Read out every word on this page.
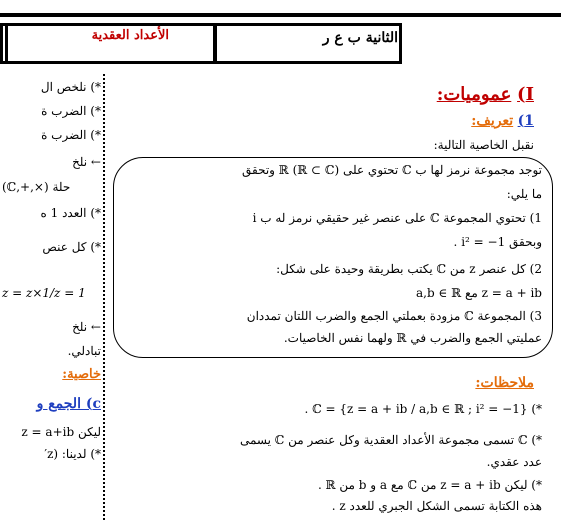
الثانية ب ع ر
الأعداد العقدية
*) نلخص ال
*) الضرب ة
*) الضرب ة
← نلخ
(ℂ,+,×) حلة
*) العدد 1 ه
*) كل عنص
z = z×1/z = 1
← نلخ
تبادلي.
خاصية:
c) الجمع و
ليكن z = a+ib
*) لدينا: (z′
I) عموميات:
1) تعريف:
نقبل الخاصية التالية:
توجد مجموعة نرمز لها ب ℂ تحتوي على ℝ (ℝ ⊂ ℂ) وتحقق
ما يلي:
1) تحتوي المجموعة ℂ على عنصر غير حقيقي نرمز له ب i
وبحقق i² = −1 .
2) كل عنصر z من ℂ يكتب بطريقة وحيدة على شكل:
z = a + ib مع a,b ∈ ℝ
3) المجموعة ℂ مزودة بعملتي الجمع والضرب اللتان تمددان
عمليتي الجمع والضرب في ℝ ولهما نفس الخاصيات.
ملاحظات:
*) ℂ = {z = a + ib / a,b ∈ ℝ ; i² = −1} .
*) ℂ تسمى مجموعة الأعداد العقدية وكل عنصر من ℂ يسمى
عدد عقدي.
*) ليكن z = a + ib من ℂ مع a و b من ℝ .
هذه الكتابة تسمى الشكل الجبري للعدد z .
